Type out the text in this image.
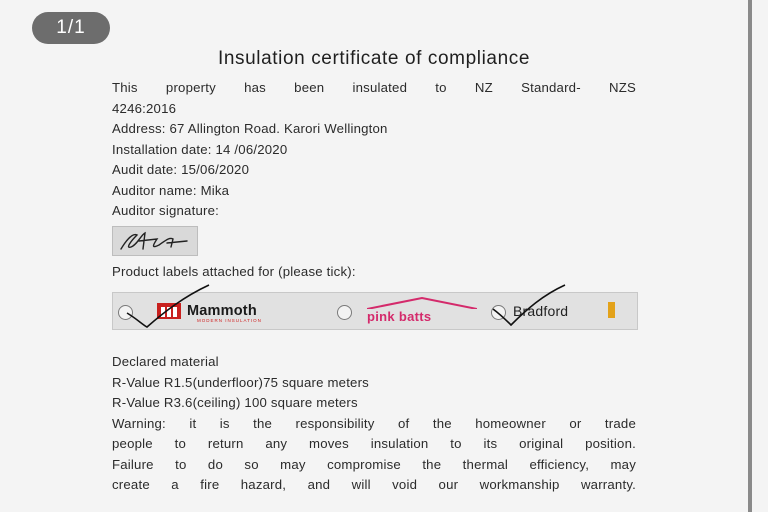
1/1
Insulation certificate of compliance

This property has been insulated to NZ Standard- NZS

4246:2016

Address: 67 Allington Road. Karori Wellington

Installation date: 14 /06/2020

Audit date: 15/06/2020

Auditor name: Mika

Auditor signature:

Product labels attached for (please tick):

Mammoth
MODERN INSULATION	pink batts	Bradford

Declared material

R-Value R1.5(underfloor)75 square meters

R-Value R3.6(ceiling) 100 square meters

Warning: it is the responsibility of the homeowner or trade

people to return any moves insulation to its original position.

Failure to do so may compromise the thermal efficiency, may

create a fire hazard, and will void our workmanship warranty.
